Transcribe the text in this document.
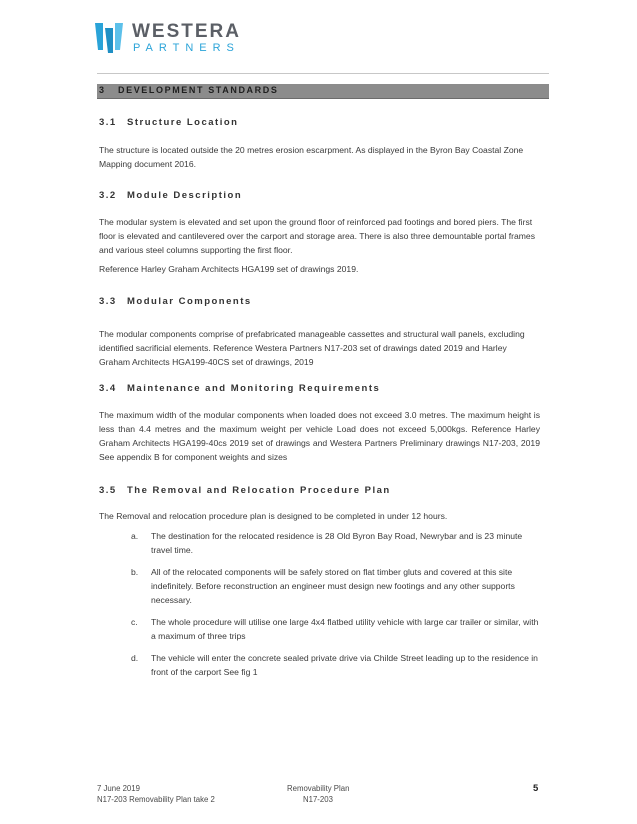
WESTERA
PARTNERS
3 DEVELOPMENT STANDARDS
3.1 Structure Location
The structure is located outside the 20 metres erosion escarpment. As displayed in the Byron Bay Coastal Zone Mapping document 2016.
3.2 Module Description
The modular system is elevated and set upon the ground floor of reinforced pad footings and bored piers. The first floor is elevated and cantilevered over the carport and storage area. There is also three demountable portal frames and various steel columns supporting the first floor.
Reference Harley Graham Architects HGA199 set of drawings 2019.
3.3 Modular Components
The modular components comprise of prefabricated manageable cassettes and structural wall panels, excluding identified sacrificial elements. Reference Westera Partners N17-203 set of drawings dated 2019 and Harley Graham Architects HGA199-40CS set of drawings, 2019
3.4 Maintenance and Monitoring Requirements
The maximum width of the modular components when loaded does not exceed 3.0 metres. The maximum height is less than 4.4 metres and the maximum weight per vehicle Load does not exceed 5,000kgs. Reference Harley Graham Architects HGA199-40cs 2019 set of drawings and Westera Partners Preliminary drawings N17-203, 2019 See appendix B for component weights and sizes
3.5 The Removal and Relocation Procedure Plan
The Removal and relocation procedure plan is designed to be completed in under 12 hours.
a. The destination for the relocated residence is 28 Old Byron Bay Road, Newrybar and is 23 minute travel time.
b. All of the relocated components will be safely stored on flat timber gluts and covered at this site indefinitely. Before reconstruction an engineer must design new footings and any other supports necessary.
c. The whole procedure will utilise one large 4x4 flatbed utility vehicle with large car trailer or similar, with a maximum of three trips
d. The vehicle will enter the concrete sealed private drive via Childe Street leading up to the residence in front of the carport See fig 1
7 June 2019
N17-203 Removability Plan take 2
Removability Plan
N17-203
5
